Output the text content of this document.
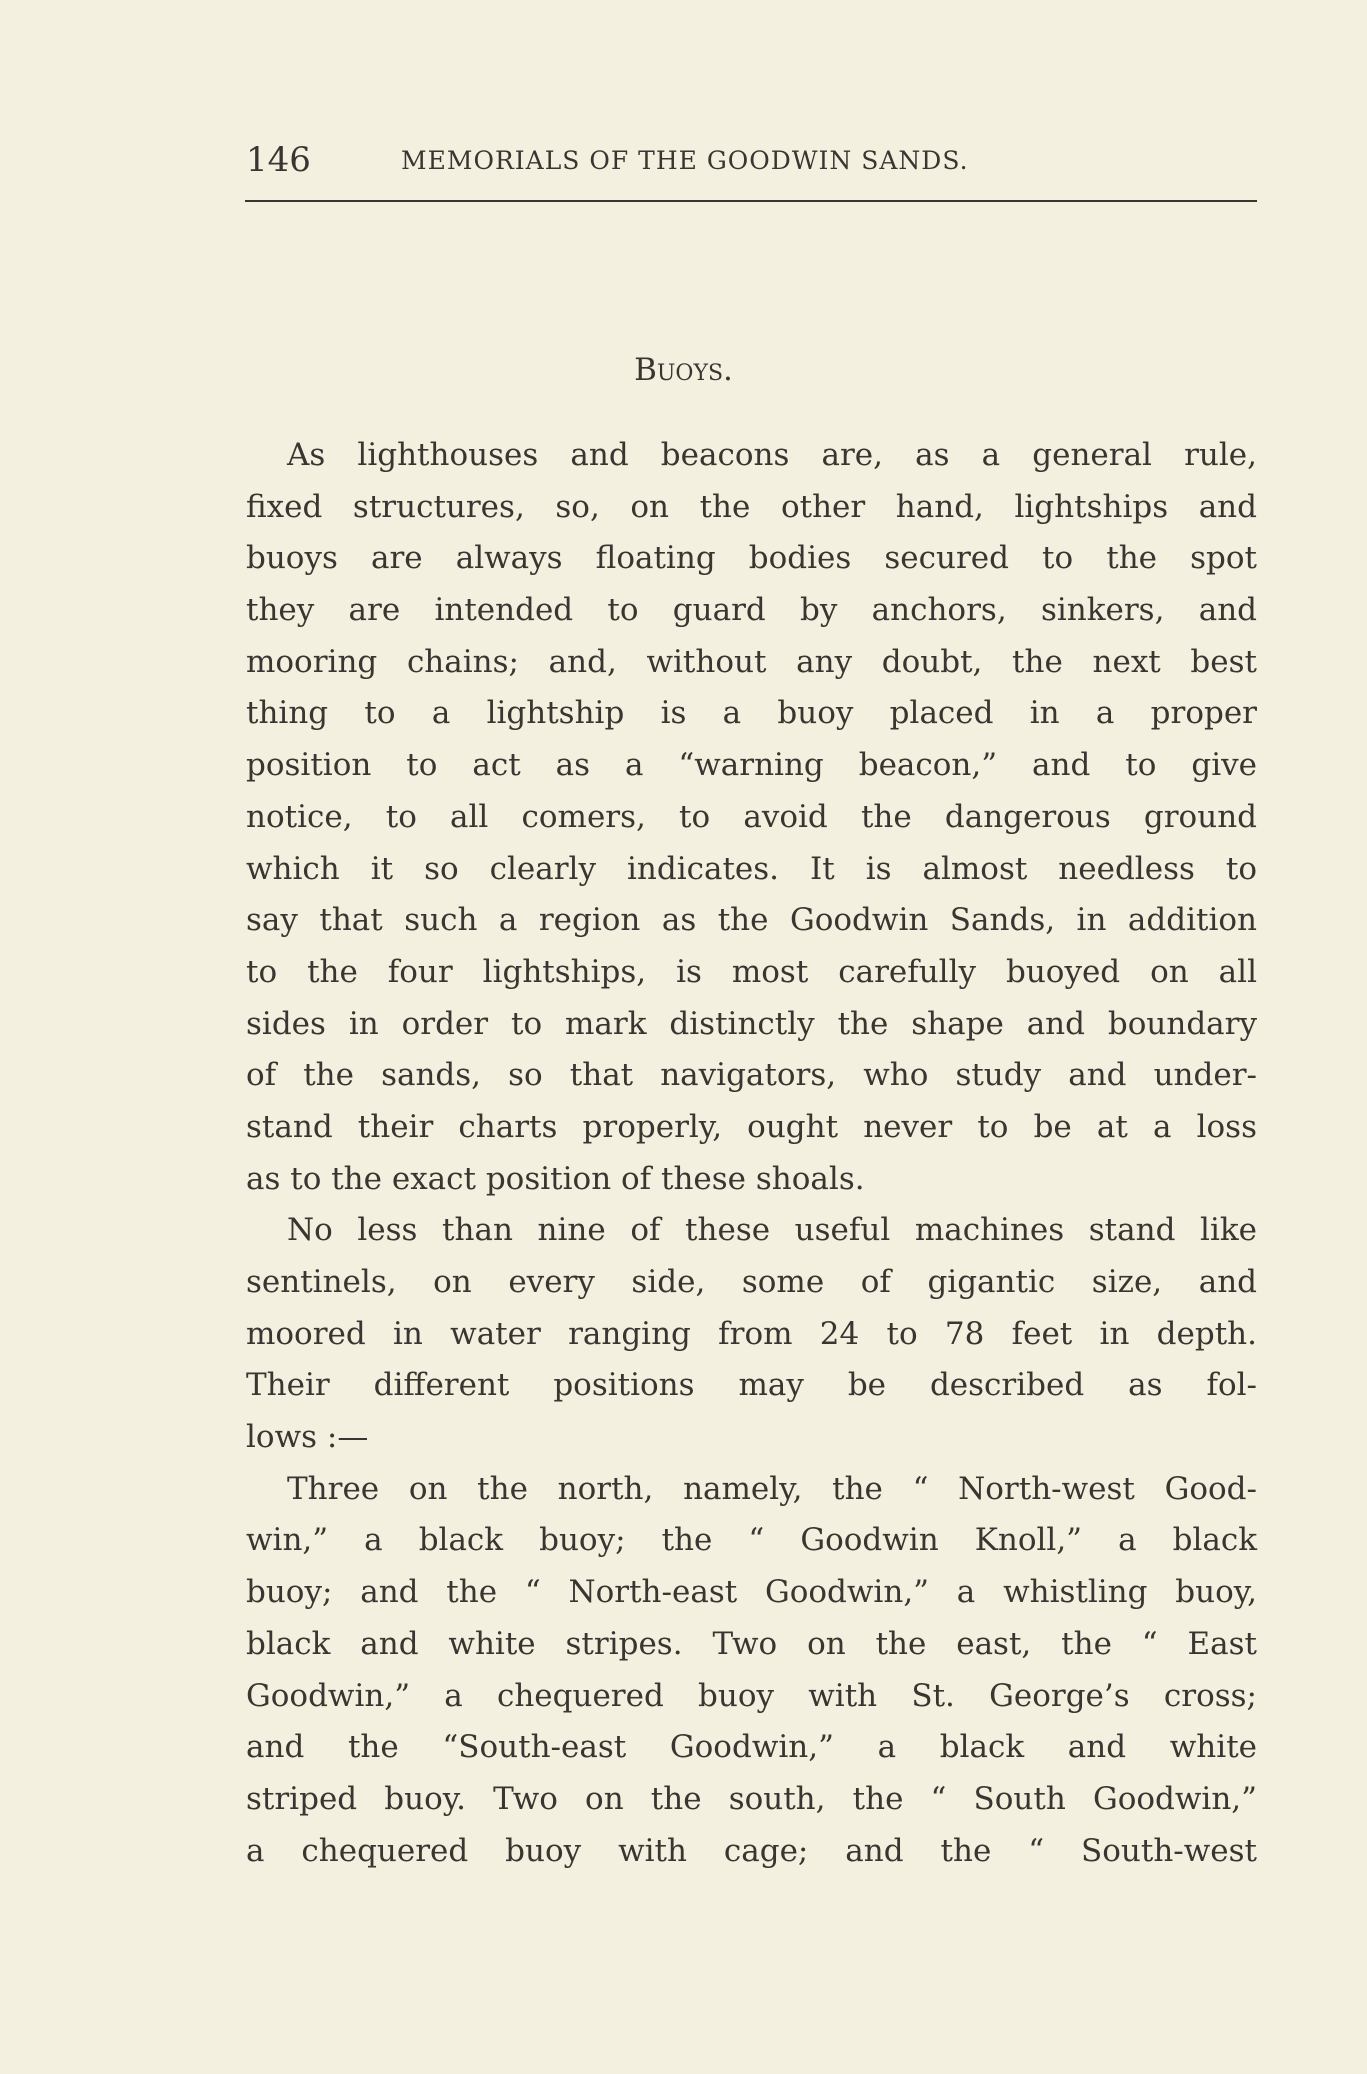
146	MEMORIALS OF THE GOODWIN SANDS.
Buoys.
As lighthouses and beacons are, as a general rule,
fixed structures, so, on the other hand, lightships and
buoys are always floating bodies secured to the spot
they are intended to guard by anchors, sinkers, and
mooring chains; and, without any doubt, the next best
thing to a lightship is a buoy placed in a proper
position to act as a “warning beacon,” and to give
notice, to all comers, to avoid the dangerous ground
which it so clearly indicates. It is almost needless to
say that such a region as the Goodwin Sands, in addition
to the four lightships, is most carefully buoyed on all
sides in order to mark distinctly the shape and boundary
of the sands, so that navigators, who study and under-
stand their charts properly, ought never to be at a loss
as to the exact position of these shoals.
No less than nine of these useful machines stand like
sentinels, on every side, some of gigantic size, and
moored in water ranging from 24 to 78 feet in depth.
Their different positions may be described as fol-
lows :—
Three on the north, namely, the “ North-west Good-
win,” a black buoy; the “ Goodwin Knoll,” a black
buoy; and the “ North-east Goodwin,” a whistling buoy,
black and white stripes. Two on the east, the “ East
Goodwin,” a chequered buoy with St. George’s cross;
and the “South-east Goodwin,” a black and white
striped buoy. Two on the south, the “ South Goodwin,”
a chequered buoy with cage; and the “ South-west
